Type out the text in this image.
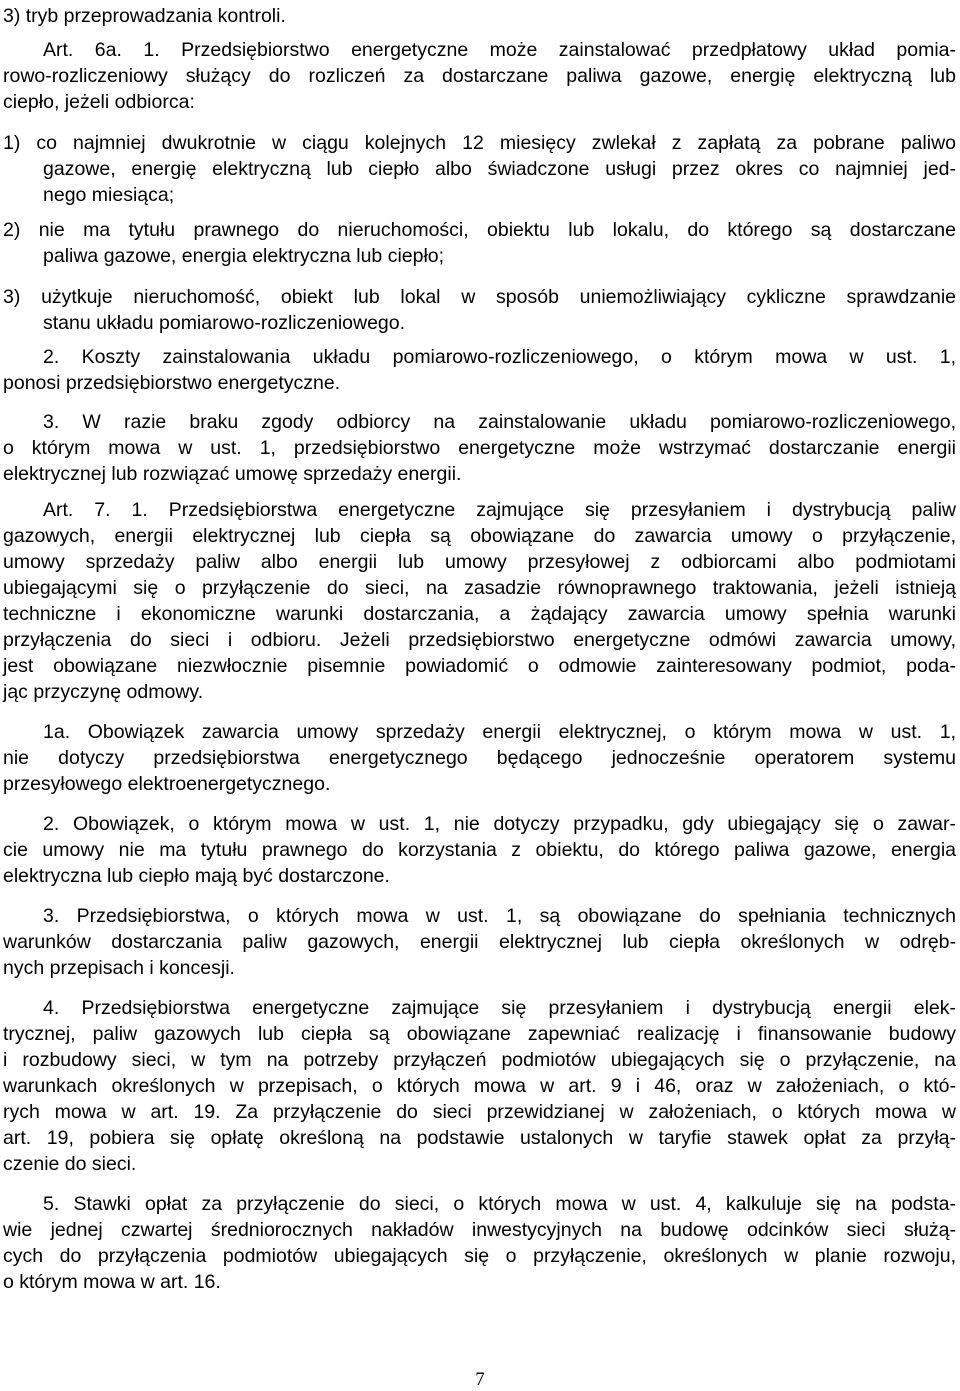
3) tryb przeprowadzania kontroli.
Art. 6a. 1. Przedsiębiorstwo energetyczne może zainstalować przedpłatowy układ pomia-
rowo-rozliczeniowy służący do rozliczeń za dostarczane paliwa gazowe, energię elektryczną lub
ciepło, jeżeli odbiorca:
1) co najmniej dwukrotnie w ciągu kolejnych 12 miesięcy zwlekał z zapłatą za pobrane paliwo
gazowe, energię elektryczną lub ciepło albo świadczone usługi przez okres co najmniej jed-
nego miesiąca;
2) nie ma tytułu prawnego do nieruchomości, obiektu lub lokalu, do którego są dostarczane
paliwa gazowe, energia elektryczna lub ciepło;
3) użytkuje nieruchomość, obiekt lub lokal w sposób uniemożliwiający cykliczne sprawdzanie
stanu układu pomiarowo-rozliczeniowego.
2. Koszty zainstalowania układu pomiarowo-rozliczeniowego, o którym mowa w ust. 1,
ponosi przedsiębiorstwo energetyczne.
3. W razie braku zgody odbiorcy na zainstalowanie układu pomiarowo-rozliczeniowego,
o którym mowa w ust. 1, przedsiębiorstwo energetyczne może wstrzymać dostarczanie energii
elektrycznej lub rozwiązać umowę sprzedaży energii.
Art. 7. 1. Przedsiębiorstwa energetyczne zajmujące się przesyłaniem i dystrybucją paliw
gazowych, energii elektrycznej lub ciepła są obowiązane do zawarcia umowy o przyłączenie,
umowy sprzedaży paliw albo energii lub umowy przesyłowej z odbiorcami albo podmiotami
ubiegającymi się o przyłączenie do sieci, na zasadzie równoprawnego traktowania, jeżeli istnieją
techniczne i ekonomiczne warunki dostarczania, a żądający zawarcia umowy spełnia warunki
przyłączenia do sieci i odbioru. Jeżeli przedsiębiorstwo energetyczne odmówi zawarcia umowy,
jest obowiązane niezwłocznie pisemnie powiadomić o odmowie zainteresowany podmiot, poda-
jąc przyczynę odmowy.
1a. Obowiązek zawarcia umowy sprzedaży energii elektrycznej, o którym mowa w ust. 1,
nie dotyczy przedsiębiorstwa energetycznego będącego jednocześnie operatorem systemu
przesyłowego elektroenergetycznego.
2. Obowiązek, o którym mowa w ust. 1, nie dotyczy przypadku, gdy ubiegający się o zawar-
cie umowy nie ma tytułu prawnego do korzystania z obiektu, do którego paliwa gazowe, energia
elektryczna lub ciepło mają być dostarczone.
3. Przedsiębiorstwa, o których mowa w ust. 1, są obowiązane do spełniania technicznych
warunków dostarczania paliw gazowych, energii elektrycznej lub ciepła określonych w odręb-
nych przepisach i koncesji.
4. Przedsiębiorstwa energetyczne zajmujące się przesyłaniem i dystrybucją energii elek-
trycznej, paliw gazowych lub ciepła są obowiązane zapewniać realizację i finansowanie budowy
i rozbudowy sieci, w tym na potrzeby przyłączeń podmiotów ubiegających się o przyłączenie, na
warunkach określonych w przepisach, o których mowa w art. 9 i 46, oraz w założeniach, o któ-
rych mowa w art. 19. Za przyłączenie do sieci przewidzianej w założeniach, o których mowa w
art. 19, pobiera się opłatę określoną na podstawie ustalonych w taryfie stawek opłat za przyłą-
czenie do sieci.
5. Stawki opłat za przyłączenie do sieci, o których mowa w ust. 4, kalkuluje się na podsta-
wie jednej czwartej średniorocznych nakładów inwestycyjnych na budowę odcinków sieci służą-
cych do przyłączenia podmiotów ubiegających się o przyłączenie, określonych w planie rozwoju,
o którym mowa w art. 16.
7
